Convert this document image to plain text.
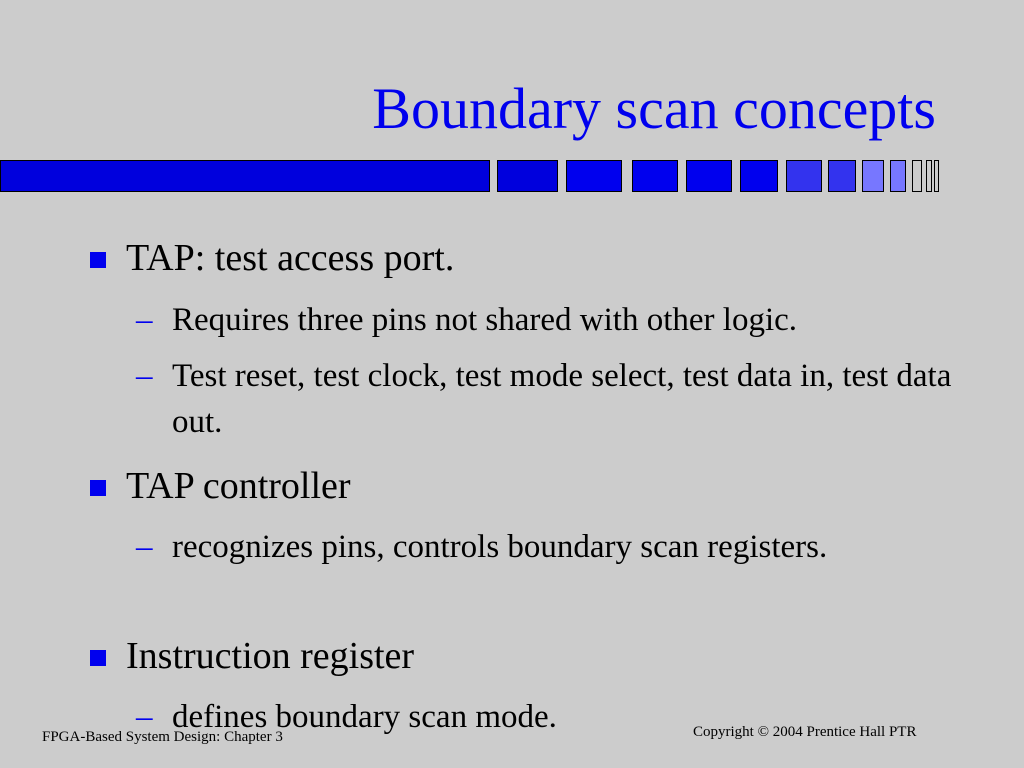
Boundary scan concepts
TAP: test access port.
– Requires three pins not shared with other logic.
– Test reset, test clock, test mode select, test data in, test data out.
TAP controller
– recognizes pins, controls boundary scan registers.
Instruction register
– defines boundary scan mode.
FPGA-Based System Design: Chapter 3	Copyright © 2004 Prentice Hall PTR
